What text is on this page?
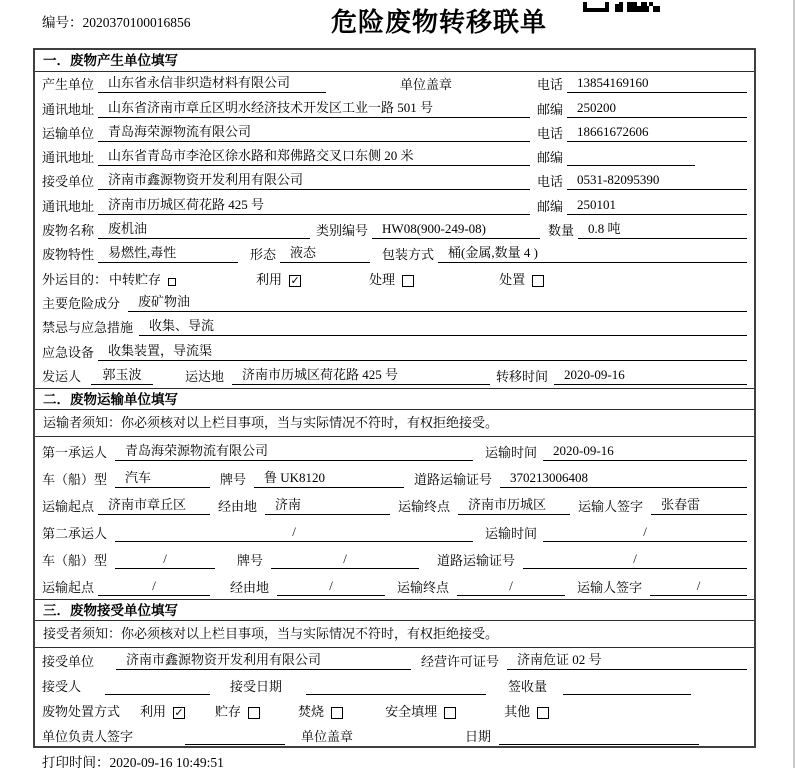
编号：2020370100016856	危险废物转移联单
一．废物产生单位填写
产生单位	山东省永信非织造材料有限公司	单位盖章	电话	13854169160
通讯地址	山东省济南市章丘区明水经济技术开发区工业一路 501 号	邮编	250200
运输单位	青岛海荣源物流有限公司	电话	18661672606
通讯地址	山东省青岛市李沧区徐水路和郑佛路交叉口东侧 20 米	邮编
接受单位	济南市鑫源物资开发利用有限公司	电话	0531-82095390
通讯地址	济南市历城区荷花路 425 号	邮编	250101
废物名称	废机油	类别编号	HW08(900-249-08)	数量	0.8 吨
废物特性	易燃性,毒性	形态	液态	包装方式	桶(金属,数量 4 )
外运目的： 中转贮存	利用 ✓	处理	处置
主要危险成分	废矿物油
禁忌与应急措施	收集、导流
应急设备	收集装置，导流渠
发运人	郭玉波	运达地	济南市历城区荷花路 425 号	转移时间	2020-09-16
二．废物运输单位填写
运输者须知：你必须核对以上栏目事项，当与实际情况不符时，有权拒绝接受。
第一承运人	青岛海荣源物流有限公司	运输时间	2020-09-16
车（船）型	汽车	牌号	鲁 UK8120	道路运输证号	370213006408
运输起点	济南市章丘区	经由地	济南	运输终点	济南市历城区	运输人签字	张春雷
第二承运人	/	运输时间	/
车（船）型	/	牌号	/	道路运输证号	/
运输起点	/	经由地	/	运输终点	/	运输人签字	/
三．废物接受单位填写
接受者须知：你必须核对以上栏目事项，当与实际情况不符时，有权拒绝接受。
接受单位	济南市鑫源物资开发利用有限公司	经营许可证号	济南危证 02 号
接受人	接受日期	签收量
废物处置方式 利用 ✓ 贮存	焚烧	安全填埋	其他
单位负责人签字	单位盖章	日期
打印时间：2020-09-16 10:49:51
